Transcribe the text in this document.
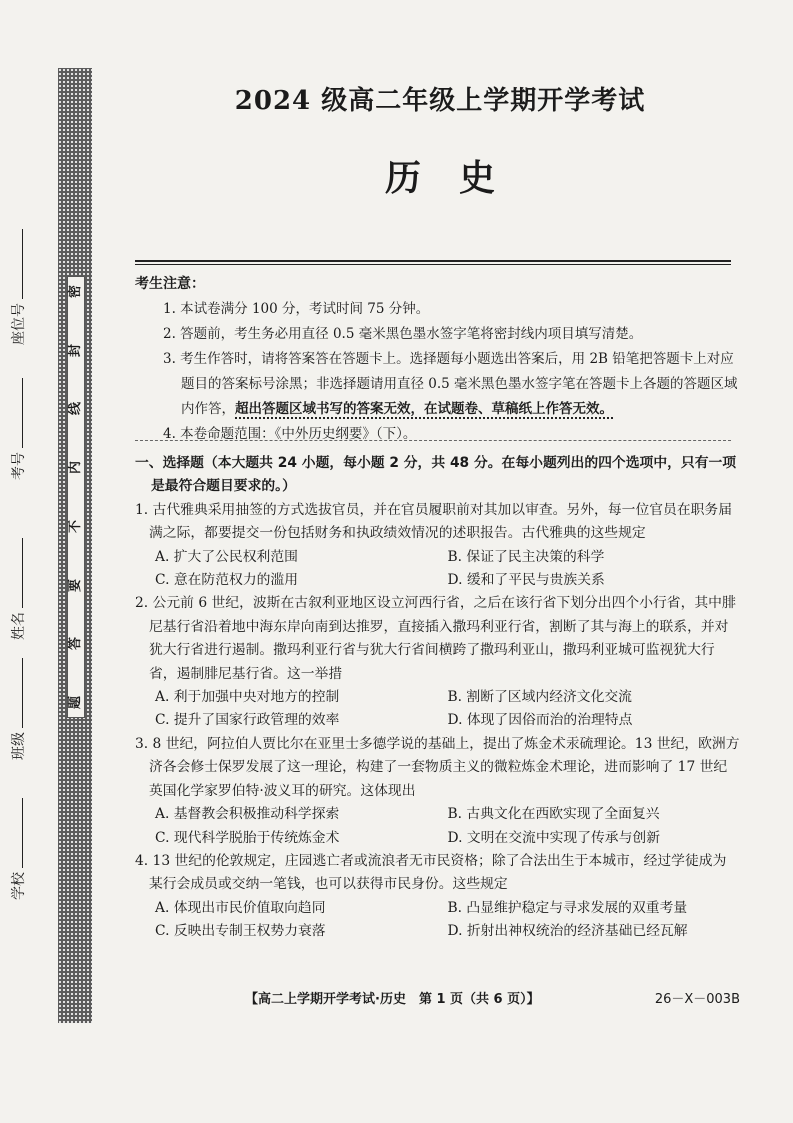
密
封
线
内
不
要
答
题
学校
班级
姓名
考号
座位号
2024 级高二年级上学期开学考试
历史
考生注意：
1. 本试卷满分 100 分，考试时间 75 分钟。
2. 答题前，考生务必用直径 0.5 毫米黑色墨水签字笔将密封线内项目填写清楚。
3. 考生作答时，请将答案答在答题卡上。选择题每小题选出答案后，用 2B 铅笔把答题卡上对应题目的答案标号涂黑；非选择题请用直径 0.5 毫米黑色墨水签字笔在答题卡上各题的答题区域内作答，超出答题区域书写的答案无效，在试题卷、草稿纸上作答无效。
4. 本卷命题范围：《中外历史纲要》（下）。
一、选择题（本大题共 24 小题，每小题 2 分，共 48 分。在每小题列出的四个选项中，只有一项是最符合题目要求的。）
1. 古代雅典采用抽签的方式选拔官员，并在官员履职前对其加以审查。另外，每一位官员在职务届满之际，都要提交一份包括财务和执政绩效情况的述职报告。古代雅典的这些规定
A. 扩大了公民权利范围	B. 保证了民主决策的科学
C. 意在防范权力的滥用	D. 缓和了平民与贵族关系
2. 公元前 6 世纪，波斯在古叙利亚地区设立河西行省，之后在该行省下划分出四个小行省，其中腓尼基行省沿着地中海东岸向南到达推罗，直接插入撒玛利亚行省，割断了其与海上的联系，并对犹大行省进行遏制。撒玛利亚行省与犹大行省间横跨了撒玛利亚山，撒玛利亚城可监视犹大行省，遏制腓尼基行省。这一举措
A. 利于加强中央对地方的控制	B. 割断了区域内经济文化交流
C. 提升了国家行政管理的效率	D. 体现了因俗而治的治理特点
3. 8 世纪，阿拉伯人贾比尔在亚里士多德学说的基础上，提出了炼金术汞硫理论。13 世纪，欧洲方济各会修士保罗发展了这一理论，构建了一套物质主义的微粒炼金术理论，进而影响了 17 世纪英国化学家罗伯特·波义耳的研究。这体现出
A. 基督教会积极推动科学探索	B. 古典文化在西欧实现了全面复兴
C. 现代科学脱胎于传统炼金术	D. 文明在交流中实现了传承与创新
4. 13 世纪的伦敦规定，庄园逃亡者或流浪者无市民资格；除了合法出生于本城市，经过学徒成为某行会成员或交纳一笔钱，也可以获得市民身份。这些规定
A. 体现出市民价值取向趋同	B. 凸显维护稳定与寻求发展的双重考量
C. 反映出专制王权势力衰落	D. 折射出神权统治的经济基础已经瓦解
【高二上学期开学考试·历史　第 1 页（共 6 页）】	26－X－003B
